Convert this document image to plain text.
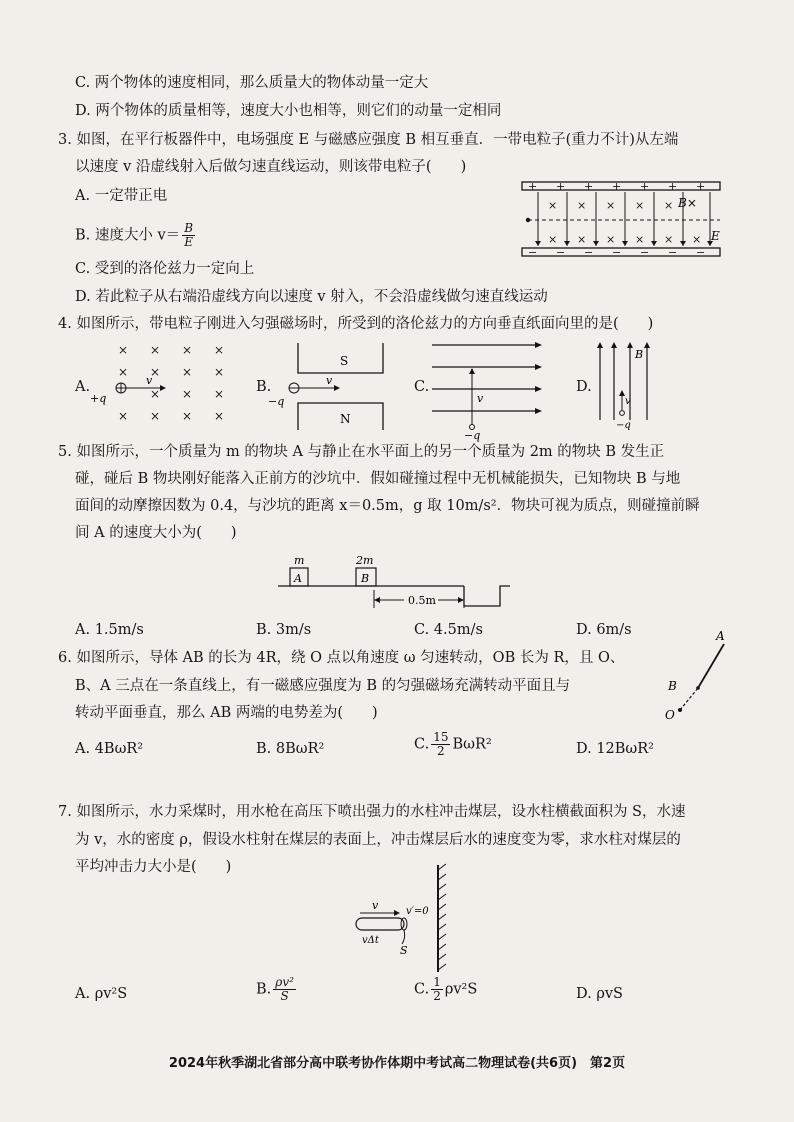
C. 两个物体的速度相同，那么质量大的物体动量一定大
D. 两个物体的质量相等，速度大小也相等，则它们的动量一定相同
3. 如图，在平行板器件中，电场强度 E 与磁感应强度 B 相互垂直．一带电粒子(重力不计)从左端
以速度 v 沿虚线射入后做匀速直线运动，则该带电粒子(　　)
A. 一定带正电
B. 速度大小 $v= \frac{B}{E}$
C. 受到的洛伦兹力一定向上
D. 若此粒子从右端沿虚线方向以速度 v 射入，不会沿虚线做匀速直线运动
+ + + + + + +
− − − − − − −
× × × × ×
× × × × × ×
B×
E
4. 如图所示，带电粒子刚进入匀强磁场时，所受到的洛伦兹力的方向垂直纸面向里的是(　　)
A.
× × × ×
× × × ×
× × ×
× × × ×
v
+q
B.
S
N
v
−q
C.
v
−q
D.
B
v
−q
5. 如图所示，一个质量为 m 的物块 A 与静止在水平面上的另一个质量为 2m 的物块 B 发生正
碰，碰后 B 物块刚好能落入正前方的沙坑中．假如碰撞过程中无机械能损失，已知物块 B 与地
面间的动摩擦因数为 0.4，与沙坑的距离 x＝0.5m，g 取 10m/s²．物块可视为质点，则碰撞前瞬
间 A 的速度大小为(　　)
m
A
2m
B
0.5m
A. 1.5m/s	B. 3m/s	C. 4.5m/s	D. 6m/s
6. 如图所示，导体 AB 的长为 4R，绕 O 点以角速度 ω 匀速转动，OB 长为 R，且 O、
B、A 三点在一条直线上，有一磁感应强度为 B 的匀强磁场充满转动平面且与
转动平面垂直，那么 AB 两端的电势差为(　　)
A
B
O
A. 4BωR²	B. 8BωR²	C. $\frac{15}{2} B\omega R^2$	D. 12BωR²
7. 如图所示，水力采煤时，用水枪在高压下喷出强力的水柱冲击煤层，设水柱横截面积为 S，水速
为 v，水的密度 ρ，假设水柱射在煤层的表面上，冲击煤层后水的速度变为零，求水柱对煤层的
平均冲击力大小是(　　)
v	v′=0
vΔt
S
A. ρv²S	B. $\frac{\text{ρv²}}{S}$	C. $\frac{1}{2} \rho v^2S$	D. ρvS
2024年秋季湖北省部分高中联考协作体期中考试高二物理试卷(共6页)　第2页
